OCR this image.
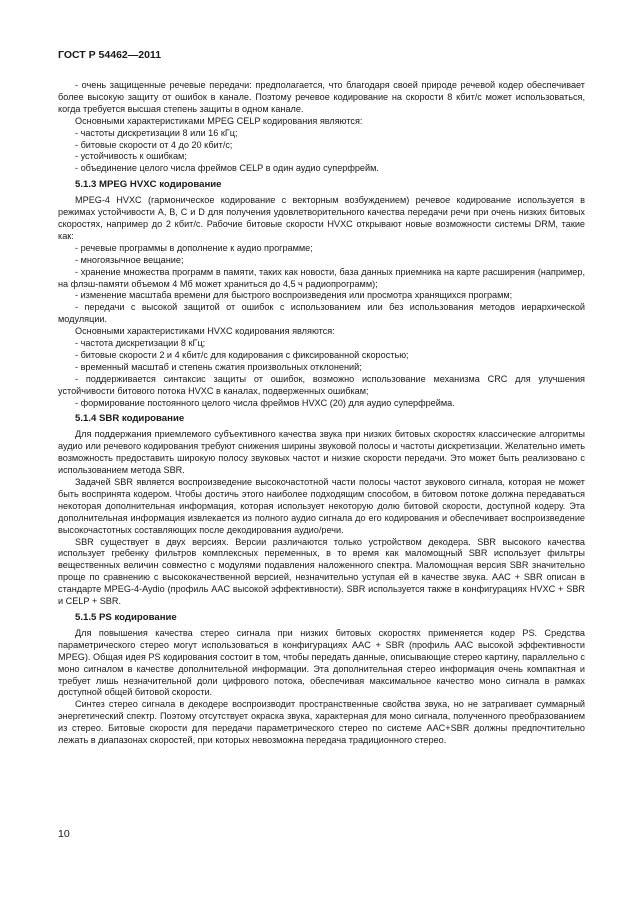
ГОСТ Р 54462—2011
- очень защищенные речевые передачи: предполагается, что благодаря своей природе речевой кодер обеспечивает более высокую защиту от ошибок в канале. Поэтому речевое кодирование на скорости 8 кбит/с может использоваться, когда требуется высшая степень защиты в одном канале.
Основными характеристиками MPEG CELP кодирования являются:
- частоты дискретизации 8 или 16 кГц;
- битовые скорости от 4 до 20 кбит/с;
- устойчивость к ошибкам;
- объединение целого числа фреймов CELP в один аудио суперфрейм.
5.1.3 MPEG HVXC кодирование
MPEG-4 HVXC (гармоническое кодирование с векторным возбуждением) речевое кодирование используется в режимах устойчивости A, B, C и D для получения удовлетворительного качества передачи речи при очень низких битовых скоростях, например до 2 кбит/с. Рабочие битовые скорости HVXC открывают новые возможности системы DRM, такие как:
- речевые программы в дополнение к аудио программе;
- многоязычное вещание;
- хранение множества программ в памяти, таких как новости, база данных приемника на карте расширения (например, на флэш-памяти объемом 4 Мб может храниться до 4,5 ч радиопрограмм);
- изменение масштаба времени для быстрого воспроизведения или просмотра хранящихся программ;
- передачи с высокой защитой от ошибок с использованием или без использования методов иерархической модуляции.
Основными характеристиками HVXC кодирования являются:
- частота дискретизации 8 кГц;
- битовые скорости 2 и 4 кбит/с для кодирования с фиксированной скоростью;
- временный масштаб и степень сжатия произвольных отклонений;
- поддерживается синтаксис защиты от ошибок, возможно использование механизма CRC для улучшения устойчивости битового потока HVXC в каналах, подверженных ошибкам;
- формирование постоянного целого числа фреймов HVXC (20) для аудио суперфрейма.
5.1.4 SBR кодирование
Для поддержания приемлемого субъективного качества звука при низких битовых скоростях классические алгоритмы аудио или речевого кодирования требуют снижения ширины звуковой полосы и частоты дискретизации. Желательно иметь возможность предоставить широкую полосу звуковых частот и низкие скорости передачи. Это может быть реализовано с использованием метода SBR.
Задачей SBR является воспроизведение высокочастотной части полосы частот звукового сигнала, которая не может быть воспринята кодером. Чтобы достичь этого наиболее подходящим способом, в битовом потоке должна передаваться некоторая дополнительная информация, которая использует некоторую долю битовой скорости, доступной кодеру. Эта дополнительная информация извлекается из полного аудио сигнала до его кодирования и обеспечивает воспроизведение высокочастотных составляющих после декодирования аудио/речи.
SBR существует в двух версиях. Версии различаются только устройством декодера. SBR высокого качества использует гребенку фильтров комплексных переменных, в то время как маломощный SBR использует фильтры вещественных величин совместно с модулями подавления наложенного спектра. Маломощная версия SBR значительно проще по сравнению с высококачественной версией, незначительно уступая ей в качестве звука. AAC + SBR описан в стандарте MPEG-4-Aydio (профиль AAC высокой эффективности). SBR используется также в конфигурациях HVXC + SBR и CELP + SBR.
5.1.5 PS кодирование
Для повышения качества стерео сигнала при низких битовых скоростях применяется кодер PS. Средства параметрического стерео могут использоваться в конфигурациях AAC + SBR (профиль AAC высокой эффективности MPEG). Общая идея PS кодирования состоит в том, чтобы передать данные, описывающие стерео картину, параллельно с моно сигналом в качестве дополнительной информации. Эта дополнительная стерео информация очень компактная и требует лишь незначительной доли цифрового потока, обеспечивая максимальное качество моно сигнала в рамках доступной общей битовой скорости.
Синтез стерео сигнала в декодере воспроизводит пространственные свойства звука, но не затрагивает суммарный энергетический спектр. Поэтому отсутствует окраска звука, характерная для моно сигнала, полученного преобразованием из стерео. Битовые скорости для передачи параметрического стерео по системе AAC+SBR должны предпочтительно лежать в диапазонах скоростей, при которых невозможна передача традиционного стерео.
10
